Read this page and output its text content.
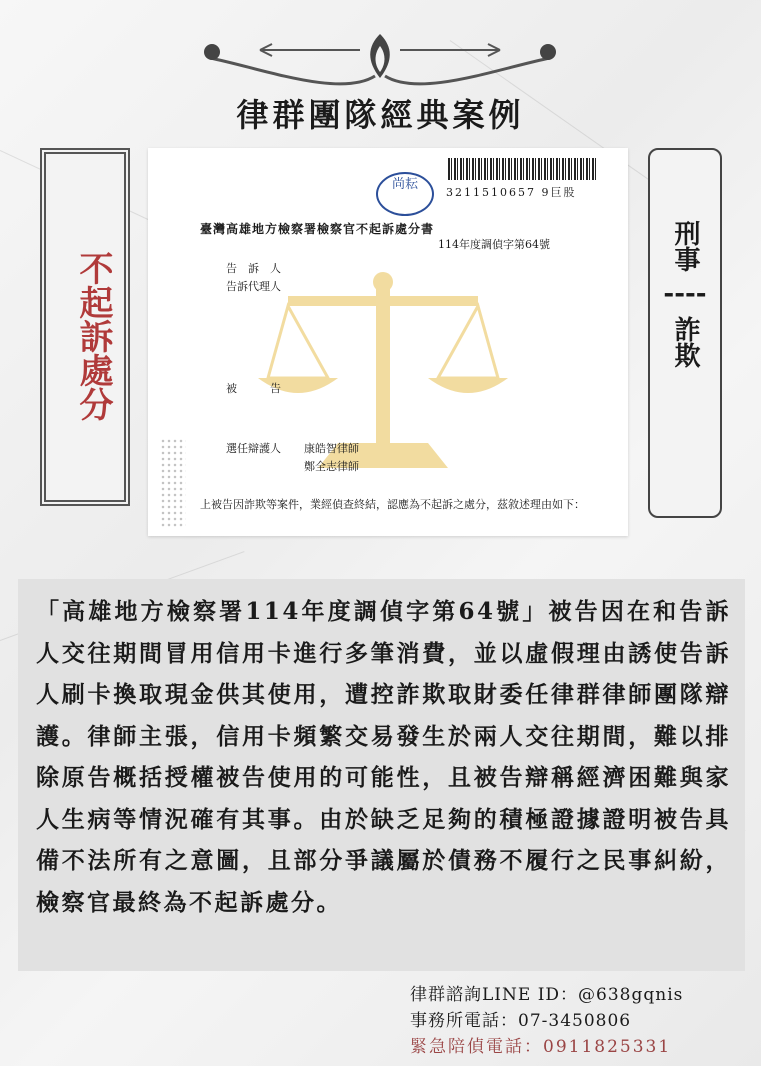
律群團隊經典案例
不起訴處分
3211510657 9巨股
尚耘
臺灣高雄地方檢察署檢察官不起訴處分書
114年度調偵字第64號
告　訴　人
告訴代理人
被　　　告
選任辯護人 康皓智律師
鄭全志律師
上被告因詐欺等案件，業經偵查終結，認應為不起訴之處分，茲敘述理由如下：
刑事
----
詐欺

「高雄地方檢察署114年度調偵字第64號」被告因在和告訴人交往期間冒用信用卡進行多筆消費，並以虛假理由誘使告訴人刷卡換取現金供其使用，遭控詐欺取財委任律群律師團隊辯護。律師主張，信用卡頻繁交易發生於兩人交往期間，難以排除原告概括授權被告使用的可能性，且被告辯稱經濟困難與家人生病等情況確有其事。由於缺乏足夠的積極證據證明被告具備不法所有之意圖，且部分爭議屬於債務不履行之民事糾紛，檢察官最終為不起訴處分。

律群諮詢LINE ID：@638gqnis
事務所電話：07-3450806
緊急陪偵電話：0911825331
